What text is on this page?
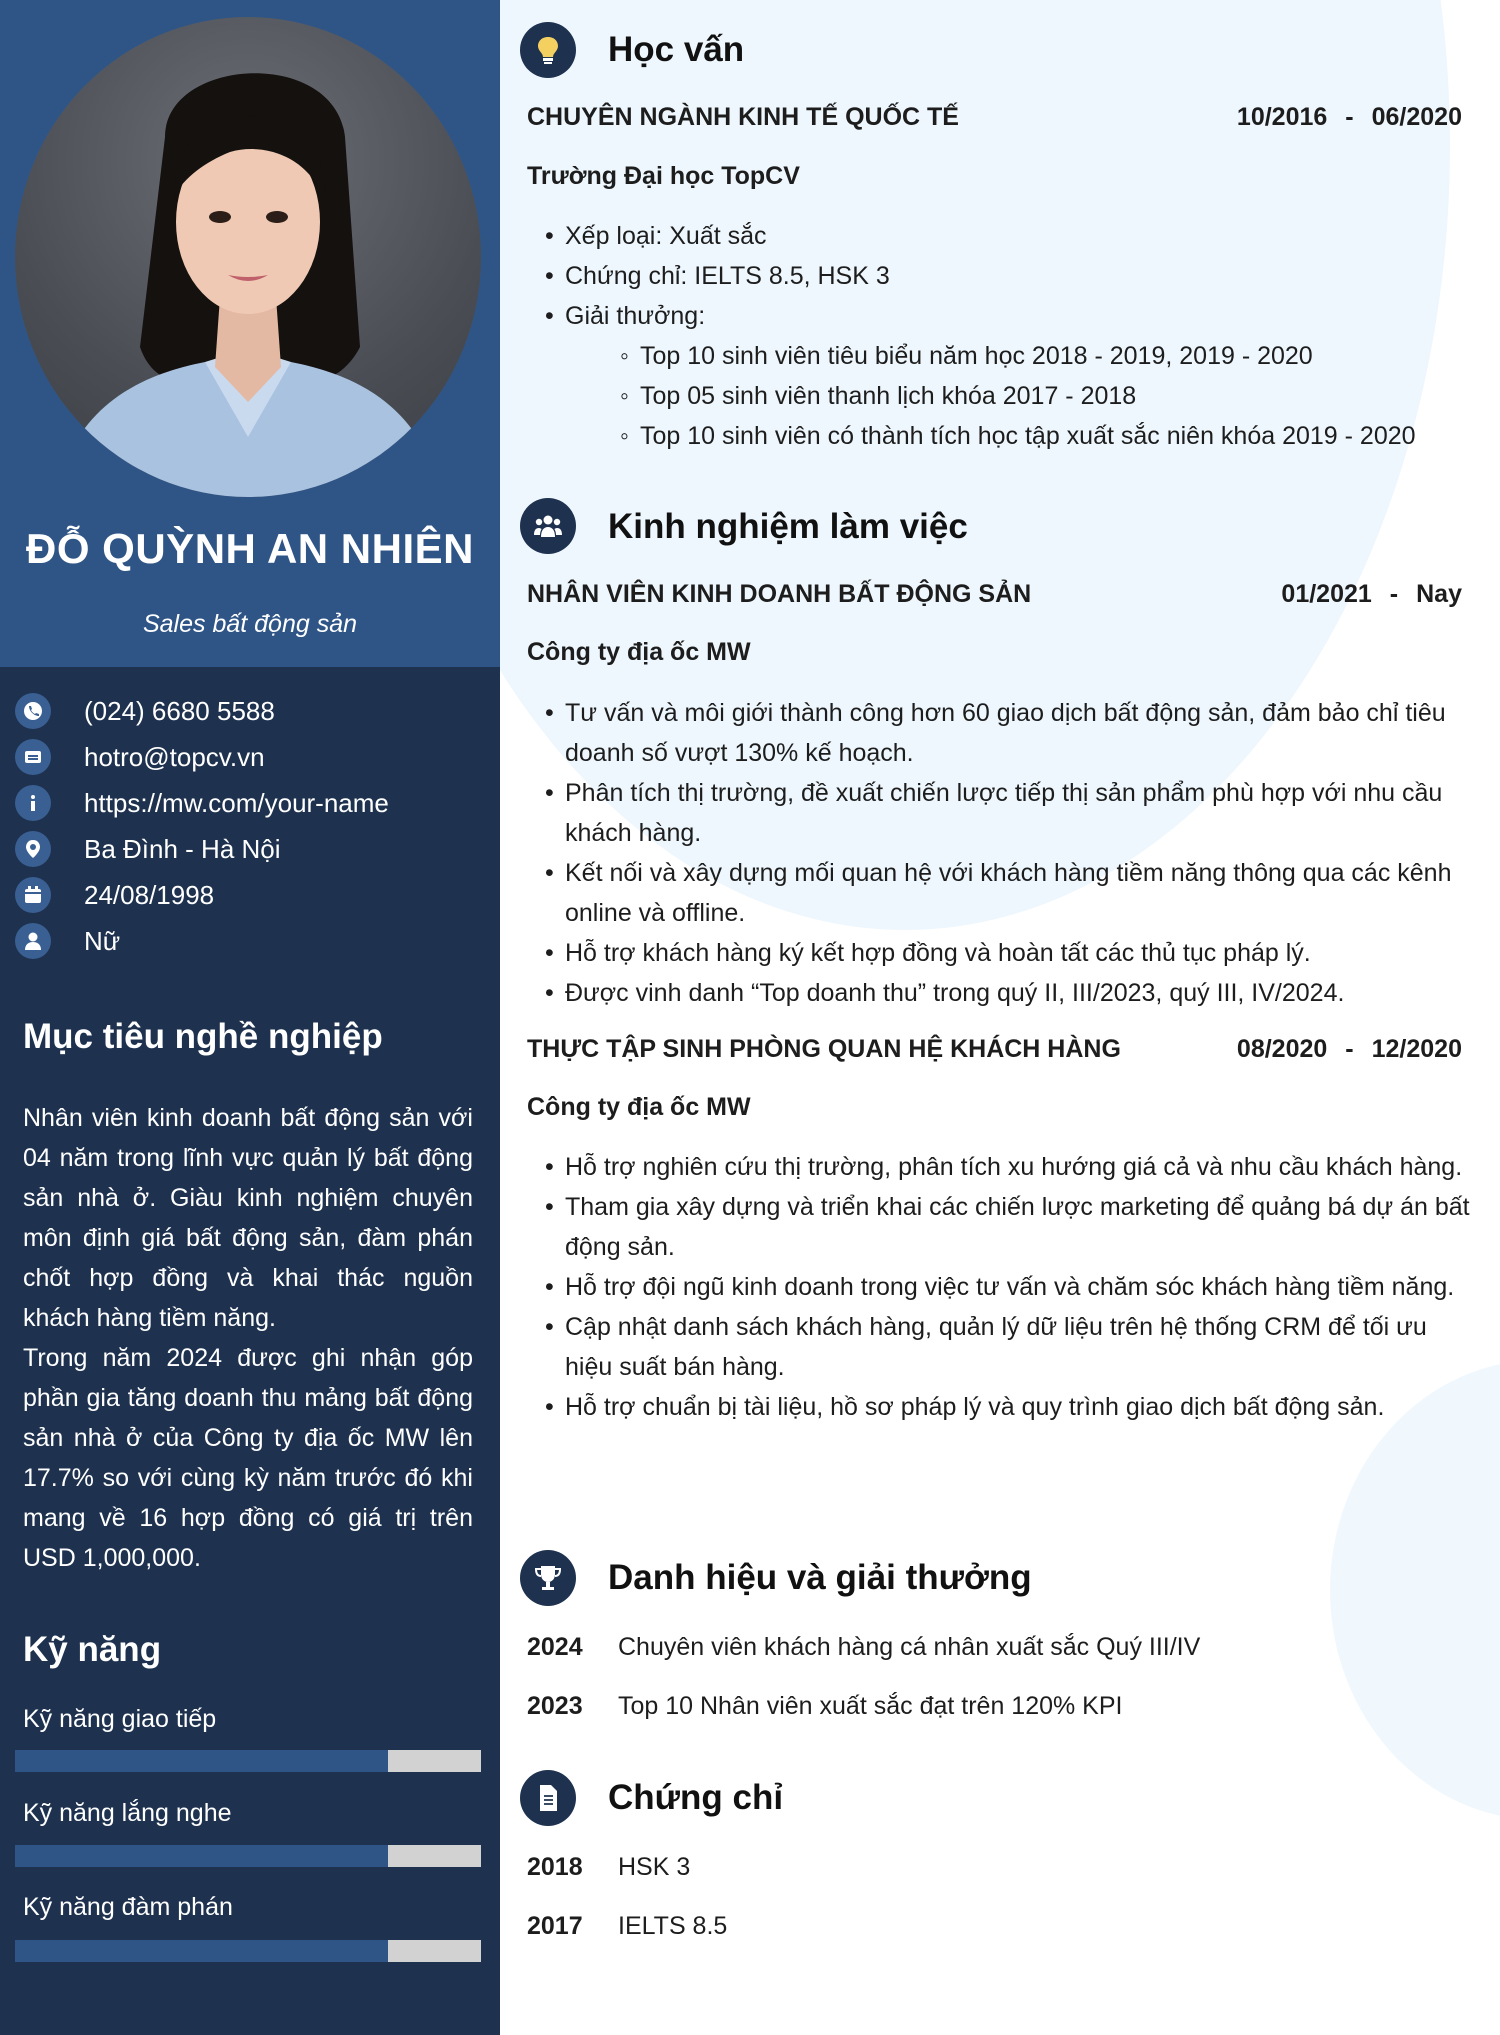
ĐỖ QUỲNH AN NHIÊN
Sales bất động sản
(024) 6680 5588
hotro@topcv.vn
https://mw.com/your-name
Ba Đình - Hà Nội
24/08/1998
Nữ
Mục tiêu nghề nghiệp

Nhân viên kinh doanh bất động sản với 04 năm trong lĩnh vực quản lý bất động sản nhà ở. Giàu kinh nghiệm chuyên môn định giá bất động sản, đàm phán chốt hợp đồng và khai thác nguồn khách hàng tiềm năng.

Trong năm 2024 được ghi nhận góp phần gia tăng doanh thu mảng bất động sản nhà ở của Công ty địa ốc MW lên 17.7% so với cùng kỳ năm trước đó khi mang về 16 hợp đồng có giá trị trên USD 1,000,000.

Kỹ năng
Kỹ năng giao tiếp
Kỹ năng lắng nghe
Kỹ năng đàm phán
Học vấn
CHUYÊN NGÀNH KINH TẾ QUỐC TẾ	10/2016 - 06/2020
Trường Đại học TopCV
• Xếp loại: Xuất sắc
• Chứng chỉ: IELTS 8.5, HSK 3
• Giải thưởng:
◦ Top 10 sinh viên tiêu biểu năm học 2018 - 2019, 2019 - 2020
◦ Top 05 sinh viên thanh lịch khóa 2017 - 2018
◦ Top 10 sinh viên có thành tích học tập xuất sắc niên khóa 2019 - 2020
Kinh nghiệm làm việc
NHÂN VIÊN KINH DOANH BẤT ĐỘNG SẢN	01/2021 - Nay
Công ty địa ốc MW
• Tư vấn và môi giới thành công hơn 60 giao dịch bất động sản, đảm bảo chỉ tiêu doanh số vượt 130% kế hoạch.
• Phân tích thị trường, đề xuất chiến lược tiếp thị sản phẩm phù hợp với nhu cầu khách hàng.
• Kết nối và xây dựng mối quan hệ với khách hàng tiềm năng thông qua các kênh online và offline.
• Hỗ trợ khách hàng ký kết hợp đồng và hoàn tất các thủ tục pháp lý.
• Được vinh danh “Top doanh thu” trong quý II, III/2023, quý III, IV/2024.
THỰC TẬP SINH PHÒNG QUAN HỆ KHÁCH HÀNG	08/2020 - 12/2020
Công ty địa ốc MW
• Hỗ trợ nghiên cứu thị trường, phân tích xu hướng giá cả và nhu cầu khách hàng.
• Tham gia xây dựng và triển khai các chiến lược marketing để quảng bá dự án bất động sản.
• Hỗ trợ đội ngũ kinh doanh trong việc tư vấn và chăm sóc khách hàng tiềm năng.
• Cập nhật danh sách khách hàng, quản lý dữ liệu trên hệ thống CRM để tối ưu hiệu suất bán hàng.
• Hỗ trợ chuẩn bị tài liệu, hồ sơ pháp lý và quy trình giao dịch bất động sản.
Danh hiệu và giải thưởng
2024 Chuyên viên khách hàng cá nhân xuất sắc Quý III/IV
2023 Top 10 Nhân viên xuất sắc đạt trên 120% KPI
Chứng chỉ
2018 HSK 3
2017 IELTS 8.5
